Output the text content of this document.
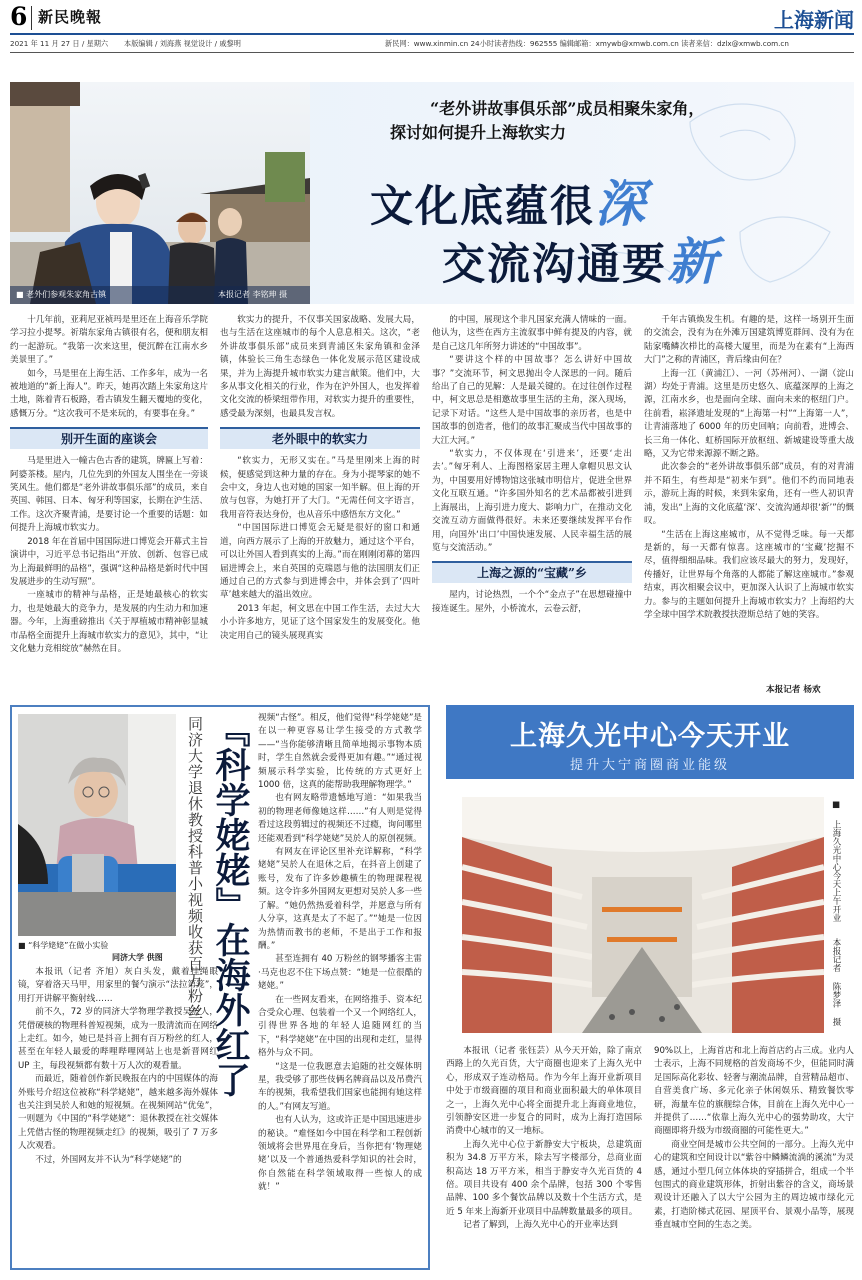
6 新民晚報	上海新闻
2021 年 11 月 27 日 / 星期六 本版编辑 / 刘海燕 视觉设计 / 戚黎明	新民网：www.xinmin.cn 24小时读者热线：962555 编辑邮箱：xmywb@xmwb.com.cn 读者来信：dzlx@xmwb.com.cn
■ 老外们参观朱家角古镇	本报记者 李铭珅 摄
“老外讲故事俱乐部”成员相聚朱家角，
探讨如何提升上海软实力
文化底蕴很深
交流沟通要新

十几年前，亚莉尼亚祯玛是里还在上海音乐学院学习拉小提琴。祈瑞东家角古镇很有名，便和朋友相约一起游玩。“我第一次来这里，便沉醉在江南水乡美景里了。”

如今，马是里在上海生活、工作多年，成为一名被地道的“新上海人”。昨天，她再次踏上朱家角这片土地，陈着青石板路，看古镇发生翻天覆地的变化，感慨万分。“这次我可不是来玩的，有要事在身。”

别开生面的座谈会

马是里进入一幢古色古香的建筑，牌匾上写着：阿婆茶楼。屋内，几位先到的外国友人围坐在一旁谈笑风生。他们都是“老外讲故事俱乐部”的成员，来自英国、韩国、日本、匈牙利等国家，长期在沪生活、工作。这次齐聚青浦，是要讨论一个重要的话题：如何提升上海城市软实力。

2018 年在首届中国国际进口博览会开幕式主旨演讲中，习近平总书记指出“开放、创新、包容已成为上海最鲜明的品格”，强调“这种品格是新时代中国发展进步的生动写照”。

一座城市的精神与品格，正是她最核心的软实力，也是她最大的竞争力，是发展的内生动力和加速器。今年，上海重磅推出《关于厚植城市精神彰显城市品格全面提升上海城市软实力的意见》，其中，“让文化魅力竞相绽放”赫然在目。

软实力的提升，不仅事关国家战略、发展大局，也与生活在这座城市的每个人息息相关。这次，“老外讲故事俱乐部”成员来到青浦区朱家角镇和金泽镇，体验长三角生态绿色一体化发展示范区建设成果，并为上海提升城市软实力建言献策。他们中，大多从事文化相关的行业，作为在沪外国人，也发挥着文化交流的桥梁纽带作用，对软实力提升的重要性，感受最为深刻，也最具发言权。

老外眼中的软实力

“软实力，无形又实在。”马是里刚来上海的时候，便感觉到这种力量的存在。身为小提琴家的她不会中文，身边人也对她的国家一知半解。但上海的开放与包容，为她打开了大门。“无需任何文字语言，我用音符表达身份，也从音乐中感悟东方文化。”

“中国国际进口博览会无疑是很好的窗口和通道，向西方展示了上海的开放魅力，通过这个平台，可以让外国人看到真实的上海。”而在刚刚闭幕的第四届进博会上，来自英国的克瑞恩与他的法国朋友们正通过自己的方式参与到进博会中，并体会到了‘四叶草’越来越大的溢出效应。

2013 年起，柯文思在中国工作生活，去过大大小小许多地方，见证了这个国家发生的发展变化。他决定用自己的镜头展现真实

的中国，展现这个非凡国家充满人情味的一面。他认为，这些在西方主流叙事中鲜有提及的内容，就是自己这几年所努力讲述的“中国故事”。

“要讲这个样的中国故事？怎么讲好中国故事？”交流环节，柯文思抛出令人深思的一问。随后给出了自己的见解：人是最关键的。在过往创作过程中，柯文思总是相邀故事里生活的主角，深入现场，记录下对话。“这些人是中国故事的亲历者，也是中国故事的创造者，他们的故事汇聚成当代中国故事的大江大河。”

“软实力，不仅体现在‘引进来’，还要‘走出去’。”匈牙利人、上海图格家居主理人拿帽贝思文认为，中国要用好博物馆这张城市明信片，促进全世界文化互联互通。“许多国外知名的艺术品都被引进到上海展出，上海引进力度大、影响力广，在推动文化交流互动方面做得很好。未来还要继续发挥平台作用，向国外‘出口’中国快速发展、人民幸福生活的展览与交流活动。”

上海之源的“宝藏”乡

屋内，讨论热烈，一个个“金点子”在思想碰撞中接连诞生。屋外，小桥流水，云卷云舒，

千年古镇焕发生机。有趣的是，这样一场别开生面的交流会，没有为在外滩万国建筑博览群间、没有为在陆家嘴鳞次栉比的高楼大厦里，而是为在素有“上海西大门”之称的青浦区，背后缘由何在？

上海一江（黄浦江）、一河（苏州河）、一湖（淀山湖）均处于青浦。这里是历史悠久、底蕴深厚的上海之源，江南水乡，也是面向全球、面向未来的枢纽门户。往前看，崧泽遗址发现的“上海第一村”“上海第一人”，让青浦落地了 6000 年的历史回响；向前看，进博会、长三角一体化、虹桥国际开放枢纽、新城建设等重大战略，又为它带来源源不断之路。

此次参会的“老外讲故事俱乐部”成员，有的对青浦并不陌生，有些却是“初来乍到”。他们不约而同地表示，游玩上海的时候，来到朱家角，还有一些人初识青浦，发出“上海的文化底蕴‘深’、交流沟通却很‘新’”的慨叹。

“生活在上海这座城市，从不觉得乏味。每一天都是新的，每一天都有惊喜。这座城市的‘宝藏’挖掘不尽，值得细细品味。我们应该尽最大的努力，发现好，传播好，让世界每个角落的人都能了解这座城市。”参观结束，再次相聚会议中，更加深入认识了上海城市软实力。参与的主题如何提升上海城市软实力？上海绍约大学全球中国学术院教授扶澄斯总结了她的笑容。

本报记者 杨欢
■ “科学姥姥”在做小实验
同济大学 供图 同济大学退休教授科普小视频收获百万粉丝 『科学姥姥』在海外红了

本报讯（记者 齐旭）灰白头发，戴着挂绳眼镜，穿着洛天马甲，用家里的餐勺演示“法拉第笼”，用打开讲解平衡射线……

前不久，72 岁的同济大学物理学教授吴於人，凭借硬核的物理科普短视频，成为一股清流而在网络上走红。如今，她已是抖音上拥有百万粉丝的红人，甚至在年轻人最爱的哔哩哔哩网站上也是新晋网红 UP 主，每段视频都有数十万人次的观看量。

而最近，随着创作新民晚报在内的中国媒体的海外账号介绍这位被称“科学姥姥”，越来越多海外媒体也关注到吴於人和她的短视频。在视频网站“优兔”，一则题为《中国的“科学姥姥”：退休教授在社交媒体上凭借古怪的物理视频走红》的视频，吸引了 7 万多人次观看。

不过，外国网友并不认为“科学姥姥”的

视频“古怪”。相反，他们觉得“科学姥姥”是在以一种更容易让学生接受的方式教学——“当你能够清晰且简单地揭示事物本质时，学生自然就会爱得更加有趣。”“通过视频展示科学实验，比传统的方式更好上 1000 倍，这真的能帮助我理解物理学。”

也有网友略带遗憾地写道：“如果我当初的物理老师像她这样……”有人则是觉得看过这段剪辑过的视频还不过瘾，询问哪里还能观看到“科学姥姥”吴於人的原创视频。

有网友在评论区里补充详解称，“科学姥姥”吴於人在退休之后，在抖音上创建了账号，发布了许多妙趣横生的物理课程视频。这令许多外国网友更想对吴於人多一些了解。“她仍然热爱着科学，并愿意与所有人分享，这真是太了不起了。”“她是一位因为热情而教书的老师，不是出于工作和报酬。”

甚至连拥有 40 万粉丝的钢琴播客主雷·马克也忍不住下场点赞：“她是一位很酷的姥姥。”

在一些网友看来，在网络推手、资本纪合受众心理、包装着一个又一个网络红人，引得世界各地的年轻人追随网红的当下，“科学姥姥”在中国的出现和走红，显得格外与众不同。

“这是一位我愿意去追随的社交媒体明星，我受够了那些伎俩名牌商品以及吊费汽车的视频，我希望我们国家也能拥有她这样的人。”有网友写道。

也有人认为，这或许正是中国迅速进步的秘诀。“难怪如今中国在科学和工程创新领域将会世界甩在身后，当你把有‘物理姥姥’以及一个普通热爱科学知识的社会时，你自然能在科学领域取得一些惊人的成就！”

上海久光中心今天开业
提升大宁商圈商业能级
■ 上海久光中心今天上午开业
本报记者 陈梦泽 摄

本报讯（记者 张钰芸）从今天开始，除了南京西路上的久光百货，大宁商圈也迎来了上海久光中心，形成双子连动格局。作为今年上海开业新项目中处于市级商圈的项目和商业面积最大的单体项目之一，上海久光中心将全面提升北上海商业地位，引领静安区进一步复合的同时，成为上海打造国际消费中心城市的又一地标。

上海久光中心位于新静安大宁板块，总建筑面积为 34.8 万平方米，除去写字楼部分，总商业面积高达 18 万平方米，相当于静安寺久光百货的 4 倍。项目共设有 400 余个品牌，包括 300 个零售品牌、100 多个餐饮品牌以及数十个生活方式，是近 5 年来上海新开业项目中品牌数量最多的项目。

记者了解到，上海久光中心的开业率达到

90%以上，上海首店和北上海首店约占三成。业内人士表示，上海不同规格的首发商场不少，但能同时满足国际高化彩妆、轻奢与潮流品牌，自营精品超市、自营美食广场、多元化亲子休闲娱乐、精致餐饮零研，海量车位的旗舰综合体，目前在上海久光中心一并提供了……“依靠上海久光中心的强势助攻，大宁商圈即将升级为市级商圈的可能性更大。”

商业空间是城市公共空间的一部分。上海久光中心的建筑和空间设计以“紫谷中鳞鳞流淌的溪流”为灵感，通过小型几何立体体块的穿插拼合，组成一个半包围式的商业建筑形体，折射出紫谷的含义，商场景观设计还融入了以大宁公园为主的周边城市绿化元素，打造阶梯式花园、屋顶平台、景观小品等，展现垂直城市空间的生态之美。
